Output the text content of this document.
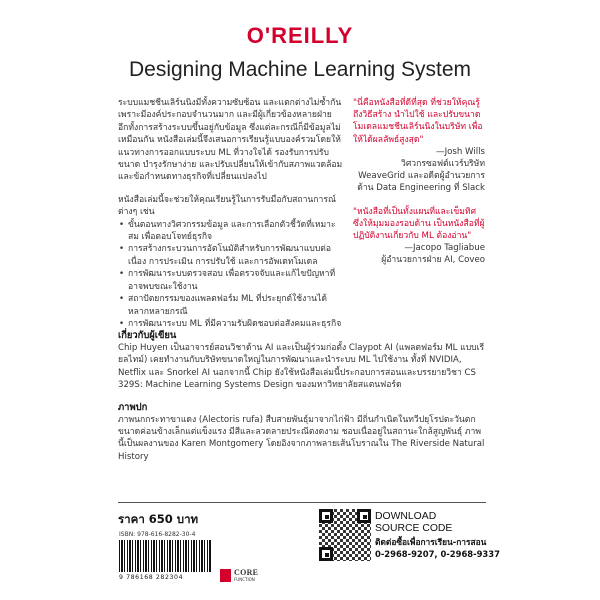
O'REILLY
Designing Machine Learning System

ระบบแมชชีนเลิร์นนิงมีทั้งความซับซ้อน และแตกต่างไม่ซ้ำกัน เพราะมีองค์ประกอบจำนวนมาก และมีผู้เกี่ยวข้องหลายฝ่าย อีกทั้งการสร้างระบบขึ้นอยู่กับข้อมูล ซึ่งแต่ละกรณีก็มีข้อมูลไม่เหมือนกัน หนังสือเล่มนี้จึงเสนอการเรียนรู้แบบองค์รวมโดยให้แนวทางการออกแบบระบบ ML ที่วางใจได้ รองรับการปรับขนาด บำรุงรักษาง่าย และปรับเปลี่ยนให้เข้ากับสภาพแวดล้อมและข้อกำหนดทางธุรกิจที่เปลี่ยนแปลงไป

หนังสือเล่มนี้จะช่วยให้คุณเรียนรู้ในการรับมือกับสถานการณ์ต่างๆ เช่น

• ขั้นตอนทางวิศวกรรมข้อมูล และการเลือกตัวชี้วัดที่เหมาะสม เพื่อตอบโจทย์ธุรกิจ
• การสร้างกระบวนการอัตโนมัติสำหรับการพัฒนาแบบต่อเนื่อง การประเมิน การปรับใช้ และการอัพเดทโมเดล
• การพัฒนาระบบตรวจสอบ เพื่อตรวจจับและแก้ไขปัญหาที่อาจพบขณะใช้งาน
• สถาปัตยกรรมของแพลตฟอร์ม ML ที่ประยุกต์ใช้งานได้หลากหลายกรณี
• การพัฒนาระบบ ML ที่มีความรับผิดชอบต่อสังคมและธุรกิจ

"นี่คือหนังสือที่ดีที่สุด ที่ช่วยให้คุณรู้ถึงวิธีสร้าง นำไปใช้ และปรับขนาดโมเดลแมชชีนเลิร์นนิงในบริษัท เพื่อให้ได้ผลลัพธ์สูงสุด"

—Josh Wills

วิศวกรซอฟต์แวร์บริษัท WeaveGrid และอดีตผู้อำนวยการด้าน Data Engineering ที่ Slack

"หนังสือที่เป็นทั้งแผนที่และเข็มทิศ ซึ่งให้มุมมองรอบด้าน เป็นหนังสือที่ผู้ปฏิบัติงานเกี่ยวกับ ML ต้องอ่าน"

—Jacopo Tagliabue

ผู้อำนวยการฝ่าย AI, Coveo

เกี่ยวกับผู้เขียน

Chip Huyen เป็นอาจารย์สอนวิชาด้าน AI และเป็นผู้ร่วมก่อตั้ง Claypot AI (แพลตฟอร์ม ML แบบเรียลไทม์) เคยทำงานกับบริษัทขนาดใหญ่ในการพัฒนาและนำระบบ ML ไปใช้งาน ทั้งที่ NVIDIA, Netflix และ Snorkel AI นอกจากนี้ Chip ยังใช้หนังสือเล่มนี้ประกอบการสอนและบรรยายวิชา CS 329S: Machine Learning Systems Design ของมหาวิทยาลัยสแตนฟอร์ด

ภาพปก

ภาพนกกระทาขาแดง (Alectoris rufa) สืบสายพันธุ์มาจากไก่ฟ้า มีถิ่นกำเนิดในทวีปยุโรปตะวันตก ขนาดค่อนข้างเล็กแต่แข็งแรง มีสีและลวดลายประณีตงดงาม ชอบเนื่ออยู่ในสถานะใกล้สูญพันธุ์ ภาพนี้เป็นผลงานของ Karen Montgomery โดยอิงจากภาพลายเส้นโบราณใน The Riverside Natural History

ราคา 650 บาท
ISBN: 978-616-8282-30-4
9 786168 282304
CORE
FUNCTION
DOWNLOAD
SOURCE CODE
ติดต่อซื้อเพื่อการเรียน-การสอน
0-2968-9207, 0-2968-9337
